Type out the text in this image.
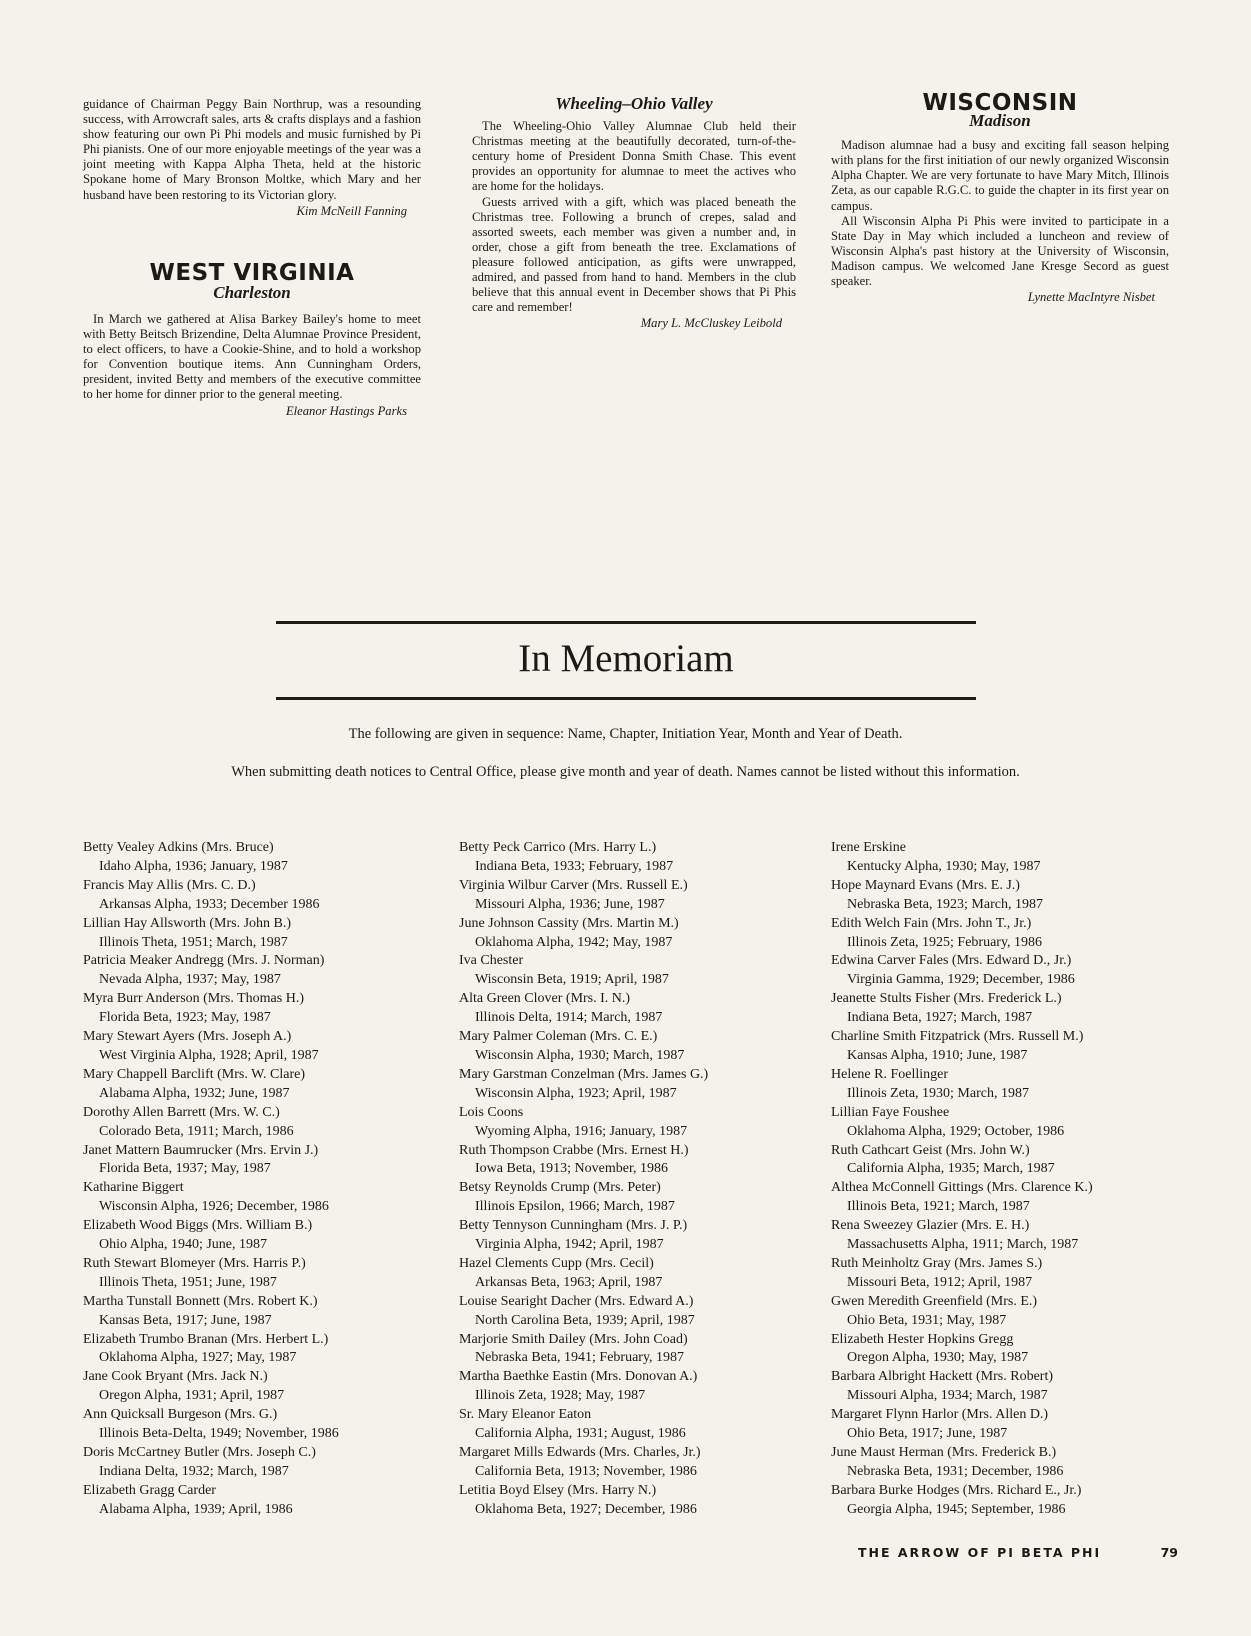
guidance of Chairman Peggy Bain Northrup, was a resounding success, with Arrowcraft sales, arts & crafts displays and a fashion show featuring our own Pi Phi models and music furnished by Pi Phi pianists. One of our more enjoyable meetings of the year was a joint meeting with Kappa Alpha Theta, held at the historic Spokane home of Mary Bronson Moltke, which Mary and her husband have been restoring to its Victorian glory.

Kim McNeill Fanning
WEST VIRGINIA
Charleston

In March we gathered at Alisa Barkey Bailey's home to meet with Betty Beitsch Brizendine, Delta Alumnae Province President, to elect officers, to have a Cookie-Shine, and to hold a workshop for Convention boutique items. Ann Cunningham Orders, president, invited Betty and members of the executive committee to her home for dinner prior to the general meeting.

Eleanor Hastings Parks
Wheeling–Ohio Valley

The Wheeling-Ohio Valley Alumnae Club held their Christmas meeting at the beautifully decorated, turn-of-the-century home of President Donna Smith Chase. This event provides an opportunity for alumnae to meet the actives who are home for the holidays.

Guests arrived with a gift, which was placed beneath the Christmas tree. Following a brunch of crepes, salad and assorted sweets, each member was given a number and, in order, chose a gift from beneath the tree. Exclamations of pleasure followed anticipation, as gifts were unwrapped, admired, and passed from hand to hand. Members in the club believe that this annual event in December shows that Pi Phis care and remember!

Mary L. McCluskey Leibold
WISCONSIN
Madison

Madison alumnae had a busy and exciting fall season helping with plans for the first initiation of our newly organized Wisconsin Alpha Chapter. We are very fortunate to have Mary Mitch, Illinois Zeta, as our capable R.G.C. to guide the chapter in its first year on campus.

All Wisconsin Alpha Pi Phis were invited to participate in a State Day in May which included a luncheon and review of Wisconsin Alpha's past history at the University of Wisconsin, Madison campus. We welcomed Jane Kresge Secord as guest speaker.

Lynette MacIntyre Nisbet
In Memoriam
The following are given in sequence: Name, Chapter, Initiation Year, Month and Year of Death.
When submitting death notices to Central Office, please give month and year of death. Names cannot be listed without this information.
Betty Vealey Adkins (Mrs. Bruce)
Idaho Alpha, 1936; January, 1987
Francis May Allis (Mrs. C. D.)
Arkansas Alpha, 1933; December 1986
Lillian Hay Allsworth (Mrs. John B.)
Illinois Theta, 1951; March, 1987
Patricia Meaker Andregg (Mrs. J. Norman)
Nevada Alpha, 1937; May, 1987
Myra Burr Anderson (Mrs. Thomas H.)
Florida Beta, 1923; May, 1987
Mary Stewart Ayers (Mrs. Joseph A.)
West Virginia Alpha, 1928; April, 1987
Mary Chappell Barclift (Mrs. W. Clare)
Alabama Alpha, 1932; June, 1987
Dorothy Allen Barrett (Mrs. W. C.)
Colorado Beta, 1911; March, 1986
Janet Mattern Baumrucker (Mrs. Ervin J.)
Florida Beta, 1937; May, 1987
Katharine Biggert
Wisconsin Alpha, 1926; December, 1986
Elizabeth Wood Biggs (Mrs. William B.)
Ohio Alpha, 1940; June, 1987
Ruth Stewart Blomeyer (Mrs. Harris P.)
Illinois Theta, 1951; June, 1987
Martha Tunstall Bonnett (Mrs. Robert K.)
Kansas Beta, 1917; June, 1987
Elizabeth Trumbo Branan (Mrs. Herbert L.)
Oklahoma Alpha, 1927; May, 1987
Jane Cook Bryant (Mrs. Jack N.)
Oregon Alpha, 1931; April, 1987
Ann Quicksall Burgeson (Mrs. G.)
Illinois Beta-Delta, 1949; November, 1986
Doris McCartney Butler (Mrs. Joseph C.)
Indiana Delta, 1932; March, 1987
Elizabeth Gragg Carder
Alabama Alpha, 1939; April, 1986
Betty Peck Carrico (Mrs. Harry L.)
Indiana Beta, 1933; February, 1987
Virginia Wilbur Carver (Mrs. Russell E.)
Missouri Alpha, 1936; June, 1987
June Johnson Cassity (Mrs. Martin M.)
Oklahoma Alpha, 1942; May, 1987
Iva Chester
Wisconsin Beta, 1919; April, 1987
Alta Green Clover (Mrs. I. N.)
Illinois Delta, 1914; March, 1987
Mary Palmer Coleman (Mrs. C. E.)
Wisconsin Alpha, 1930; March, 1987
Mary Garstman Conzelman (Mrs. James G.)
Wisconsin Alpha, 1923; April, 1987
Lois Coons
Wyoming Alpha, 1916; January, 1987
Ruth Thompson Crabbe (Mrs. Ernest H.)
Iowa Beta, 1913; November, 1986
Betsy Reynolds Crump (Mrs. Peter)
Illinois Epsilon, 1966; March, 1987
Betty Tennyson Cunningham (Mrs. J. P.)
Virginia Alpha, 1942; April, 1987
Hazel Clements Cupp (Mrs. Cecil)
Arkansas Beta, 1963; April, 1987
Louise Searight Dacher (Mrs. Edward A.)
North Carolina Beta, 1939; April, 1987
Marjorie Smith Dailey (Mrs. John Coad)
Nebraska Beta, 1941; February, 1987
Martha Baethke Eastin (Mrs. Donovan A.)
Illinois Zeta, 1928; May, 1987
Sr. Mary Eleanor Eaton
California Alpha, 1931; August, 1986
Margaret Mills Edwards (Mrs. Charles, Jr.)
California Beta, 1913; November, 1986
Letitia Boyd Elsey (Mrs. Harry N.)
Oklahoma Beta, 1927; December, 1986
Irene Erskine
Kentucky Alpha, 1930; May, 1987
Hope Maynard Evans (Mrs. E. J.)
Nebraska Beta, 1923; March, 1987
Edith Welch Fain (Mrs. John T., Jr.)
Illinois Zeta, 1925; February, 1986
Edwina Carver Fales (Mrs. Edward D., Jr.)
Virginia Gamma, 1929; December, 1986
Jeanette Stults Fisher (Mrs. Frederick L.)
Indiana Beta, 1927; March, 1987
Charline Smith Fitzpatrick (Mrs. Russell M.)
Kansas Alpha, 1910; June, 1987
Helene R. Foellinger
Illinois Zeta, 1930; March, 1987
Lillian Faye Foushee
Oklahoma Alpha, 1929; October, 1986
Ruth Cathcart Geist (Mrs. John W.)
California Alpha, 1935; March, 1987
Althea McConnell Gittings (Mrs. Clarence K.)
Illinois Beta, 1921; March, 1987
Rena Sweezey Glazier (Mrs. E. H.)
Massachusetts Alpha, 1911; March, 1987
Ruth Meinholtz Gray (Mrs. James S.)
Missouri Beta, 1912; April, 1987
Gwen Meredith Greenfield (Mrs. E.)
Ohio Beta, 1931; May, 1987
Elizabeth Hester Hopkins Gregg
Oregon Alpha, 1930; May, 1987
Barbara Albright Hackett (Mrs. Robert)
Missouri Alpha, 1934; March, 1987
Margaret Flynn Harlor (Mrs. Allen D.)
Ohio Beta, 1917; June, 1987
June Maust Herman (Mrs. Frederick B.)
Nebraska Beta, 1931; December, 1986
Barbara Burke Hodges (Mrs. Richard E., Jr.)
Georgia Alpha, 1945; September, 1986
THE ARROW OF PI BETA PHI	79
